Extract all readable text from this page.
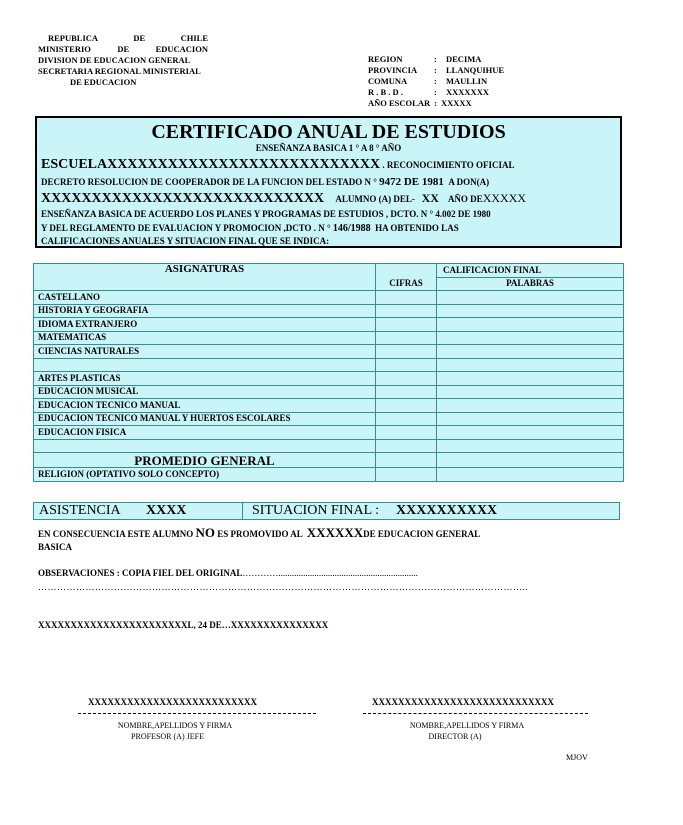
REPUBLICA	DE	CHILE
MINISTERIO	DE	EDUCACION
DIVISION DE EDUCACION GENERAL
SECRETARIA REGIONAL MINISTERIAL
DE EDUCACION
REGION	:	DECIMA
PROVINCIA	:	LLANQUIHUE
COMUNA	:	MAULLIN
R . B . D .	:	XXXXXXX
AÑO ESCOLAR : XXXXX
CERTIFICADO ANUAL DE ESTUDIOS
ENSEÑANZA BASICA 1 ° A 8 ° AÑO
ESCUELAXXXXXXXXXXXXXXXXXXXXXXXXXXX . RECONOCIMIENTO OFICIAL
DECRETO RESOLUCION DE COOPERADOR DE LA FUNCION DEL ESTADO N ° 9472 DE 1981 A DON(A)
XXXXXXXXXXXXXXXXXXXXXXXXXXXX ALUMNO (A) DEL- XX AÑO DEXXXXX
ENSEÑANZA BASICA DE ACUERDO LOS PLANES Y PROGRAMAS DE ESTUDIOS , DCTO. N ° 4.002 DE 1980
Y DEL REGLAMENTO DE EVALUACION Y PROMOCION ,DCTO . N ° 146/1988 HA OBTENIDO LAS
CALIFICACIONES ANUALES Y SITUACION FINAL QUE SE INDICA:
ASIGNATURAS		CALIFICACION FINAL
	CIFRAS	PALABRAS
CASTELLANO		
HISTORIA Y GEOGRAFIA		
IDIOMA EXTRANJERO		
MATEMATICAS		
CIENCIAS NATURALES		

ARTES PLASTICAS		
EDUCACION MUSICAL		
EDUCACION TECNICO MANUAL		
EDUCACION TECNICO MANUAL Y HUERTOS ESCOLARES		
EDUCACION FISICA		

PROMEDIO GENERAL		
RELIGION (OPTATIVO SOLO CONCEPTO)		
ASISTENCIA XXXX	SITUACION FINAL : XXXXXXXXXX
EN CONSECUENCIA ESTE ALUMNO NO ES PROMOVIDO AL XXXXXXDE EDUCACION GENERAL
BASICA
OBSERVACIONES : COPIA FIEL DEL ORIGINAL…………..............................................................
………………………………………………………………………………………………………………………………………..
XXXXXXXXXXXXXXXXXXXXXXXL, 24 DE…XXXXXXXXXXXXXXX
XXXXXXXXXXXXXXXXXXXXXXXXXX
NOMBRE,APELLIDOS Y FIRMA
PROFESOR (A) JEFE
XXXXXXXXXXXXXXXXXXXXXXXXXXXX
NOMBRE,APELLIDOS Y FIRMA
DIRECTOR (A)
MJOV
